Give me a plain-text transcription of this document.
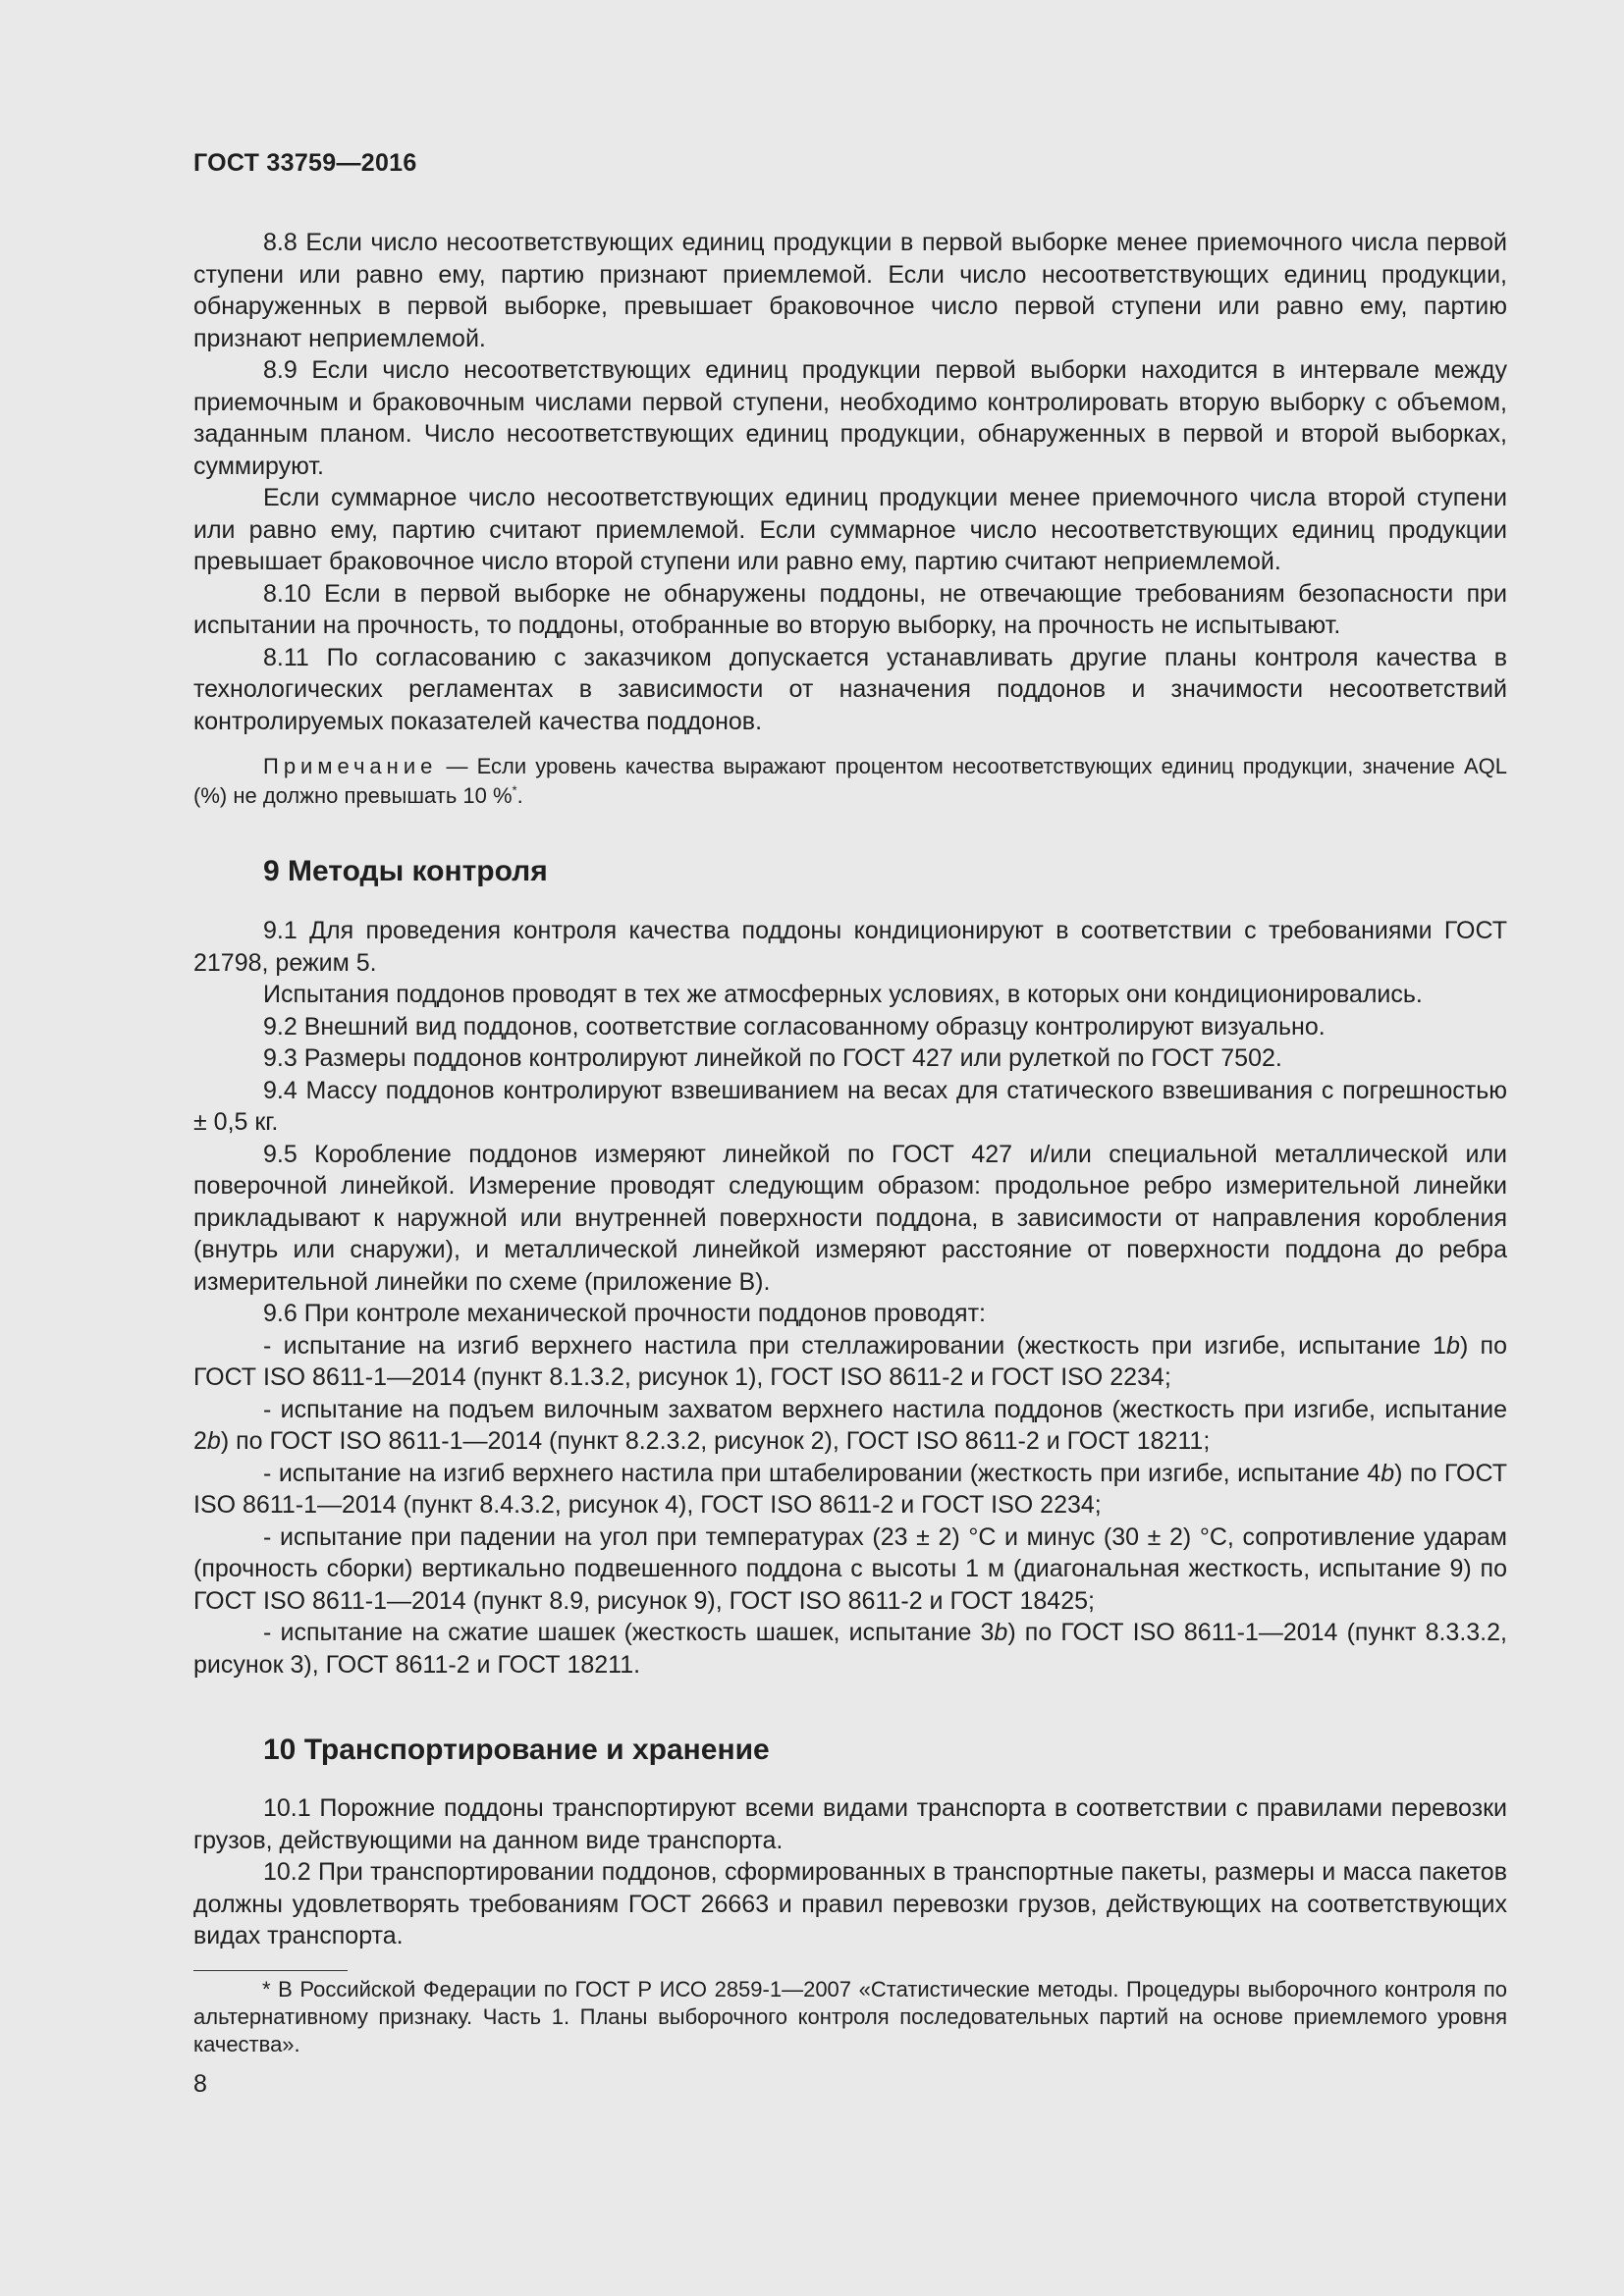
ГОСТ 33759—2016

8.8 Если число несоответствующих единиц продукции в первой выборке менее приемочного числа первой ступени или равно ему, партию признают приемлемой. Если число несоответствующих единиц продукции, обнаруженных в первой выборке, превышает браковочное число первой ступени или равно ему, партию признают неприемлемой.

8.9 Если число несоответствующих единиц продукции первой выборки находится в интервале между приемочным и браковочным числами первой ступени, необходимо контролировать вторую выборку с объемом, заданным планом. Число несоответствующих единиц продукции, обнаруженных в первой и второй выборках, суммируют.

Если суммарное число несоответствующих единиц продукции менее приемочного числа второй ступени или равно ему, партию считают приемлемой. Если суммарное число несоответствующих единиц продукции превышает браковочное число второй ступени или равно ему, партию считают неприемлемой.

8.10 Если в первой выборке не обнаружены поддоны, не отвечающие требованиям безопасности при испытании на прочность, то поддоны, отобранные во вторую выборку, на прочность не испытывают.

8.11 По согласованию с заказчиком допускается устанавливать другие планы контроля качества в технологических регламентах в зависимости от назначения поддонов и значимости несоответствий контролируемых показателей качества поддонов.

Примечание — Если уровень качества выражают процентом несоответствующих единиц продукции, значение AQL (%) не должно превышать 10 %*.

9 Методы контроля

9.1 Для проведения контроля качества поддоны кондиционируют в соответствии с требованиями ГОСТ 21798, режим 5.

Испытания поддонов проводят в тех же атмосферных условиях, в которых они кондиционировались.

9.2 Внешний вид поддонов, соответствие согласованному образцу контролируют визуально.

9.3 Размеры поддонов контролируют линейкой по ГОСТ 427 или рулеткой по ГОСТ 7502.

9.4 Массу поддонов контролируют взвешиванием на весах для статического взвешивания с погрешностью ± 0,5 кг.

9.5 Коробление поддонов измеряют линейкой по ГОСТ 427 и/или специальной металлической или поверочной линейкой. Измерение проводят следующим образом: продольное ребро измерительной линейки прикладывают к наружной или внутренней поверхности поддона, в зависимости от направления коробления (внутрь или снаружи), и металлической линейкой измеряют расстояние от поверхности поддона до ребра измерительной линейки по схеме (приложение В).

9.6 При контроле механической прочности поддонов проводят:

- испытание на изгиб верхнего настила при стеллажировании (жесткость при изгибе, испытание 1b) по ГОСТ ISO 8611-1—2014 (пункт 8.1.3.2, рисунок 1), ГОСТ ISO 8611-2 и ГОСТ ISO 2234;

- испытание на подъем вилочным захватом верхнего настила поддонов (жесткость при изгибе, испытание 2b) по ГОСТ ISO 8611-1—2014 (пункт 8.2.3.2, рисунок 2), ГОСТ ISO 8611-2 и ГОСТ 18211;

- испытание на изгиб верхнего настила при штабелировании (жесткость при изгибе, испытание 4b) по ГОСТ ISO 8611-1—2014 (пункт 8.4.3.2, рисунок 4), ГОСТ ISO 8611-2 и ГОСТ ISO 2234;

- испытание при падении на угол при температурах (23 ± 2) °С и минус (30 ± 2) °С, сопротивление ударам (прочность сборки) вертикально подвешенного поддона с высоты 1 м (диагональная жесткость, испытание 9) по ГОСТ ISO 8611-1—2014 (пункт 8.9, рисунок 9), ГОСТ ISO 8611-2 и ГОСТ 18425;

- испытание на сжатие шашек (жесткость шашек, испытание 3b) по ГОСТ ISO 8611-1—2014 (пункт 8.3.3.2, рисунок 3), ГОСТ 8611-2 и ГОСТ 18211.

10 Транспортирование и хранение

10.1 Порожние поддоны транспортируют всеми видами транспорта в соответствии с правилами перевозки грузов, действующими на данном виде транспорта.

10.2 При транспортировании поддонов, сформированных в транспортные пакеты, размеры и масса пакетов должны удовлетворять требованиям ГОСТ 26663 и правил перевозки грузов, действующих на соответствующих видах транспорта.

* В Российской Федерации по ГОСТ Р ИСО 2859-1—2007 «Статистические методы. Процедуры выборочного контроля по альтернативному признаку. Часть 1. Планы выборочного контроля последовательных партий на основе приемлемого уровня качества».

8
